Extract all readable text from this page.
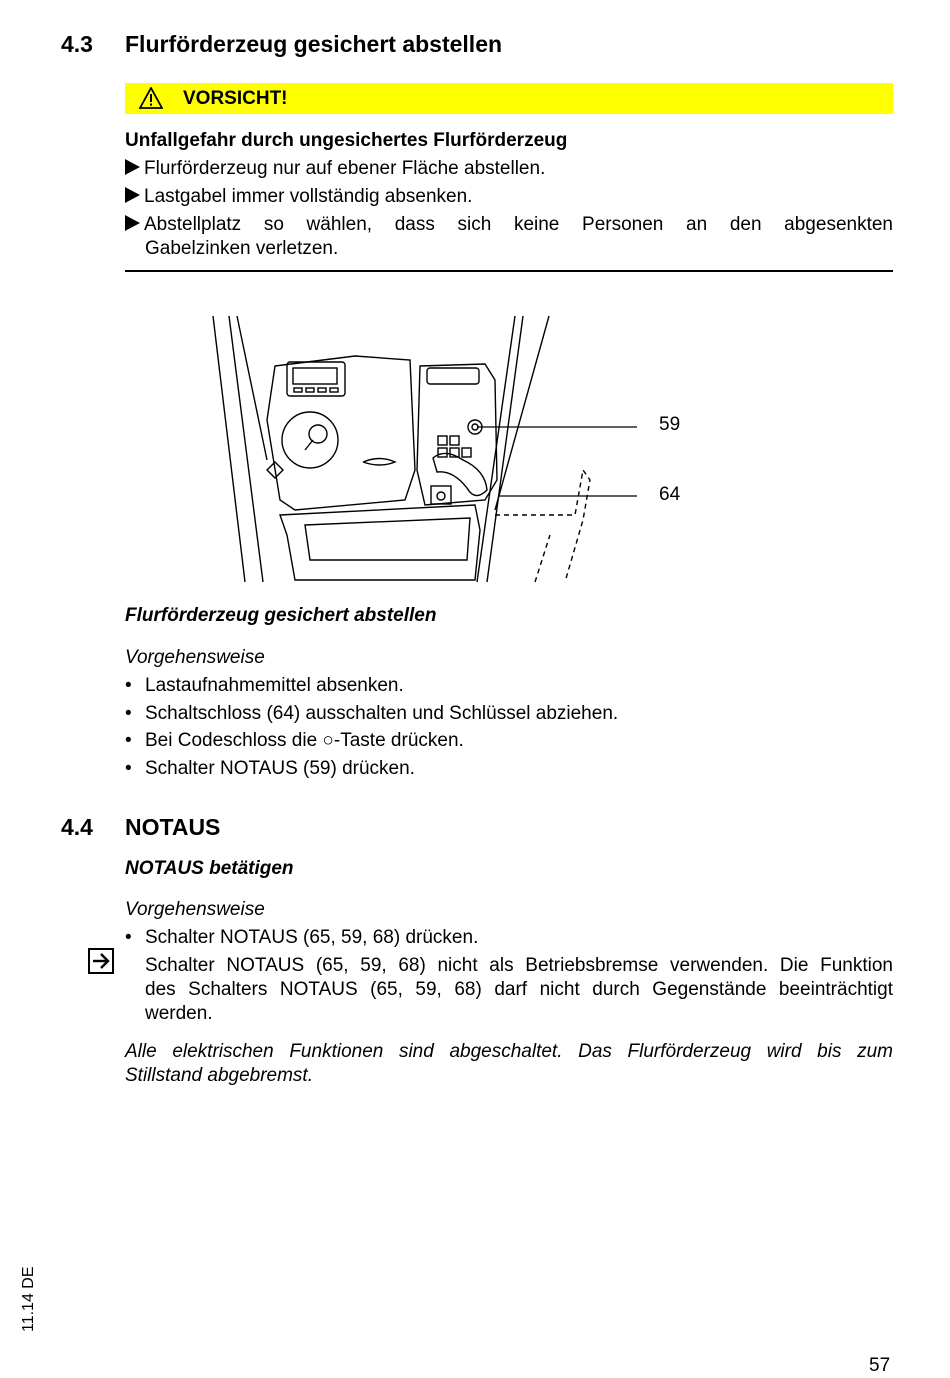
4.3 Flurförderzeug gesichert abstellen
VORSICHT!
Unfallgefahr durch ungesichertes Flurförderzeug
Flurförderzeug nur auf ebener Fläche abstellen.
Lastgabel immer vollständig absenken.
Abstellplatz so wählen, dass sich keine Personen an den abgesenkten
Gabelzinken verletzen.
59
64
Flurförderzeug gesichert abstellen
Vorgehensweise
• Lastaufnahmemittel absenken.
• Schaltschloss (64) ausschalten und Schlüssel abziehen.
• Bei Codeschloss die ○-Taste drücken.
• Schalter NOTAUS (59) drücken.
4.4 NOTAUS
NOTAUS betätigen
Vorgehensweise
• Schalter NOTAUS (65, 59, 68) drücken.
Schalter NOTAUS (65, 59, 68) nicht als Betriebsbremse verwenden. Die Funktion
des Schalters NOTAUS (65, 59, 68) darf nicht durch Gegenstände beeinträchtigt
werden.
Alle elektrischen Funktionen sind abgeschaltet. Das Flurförderzeug wird bis zum
Stillstand abgebremst.
11.14 DE
57
